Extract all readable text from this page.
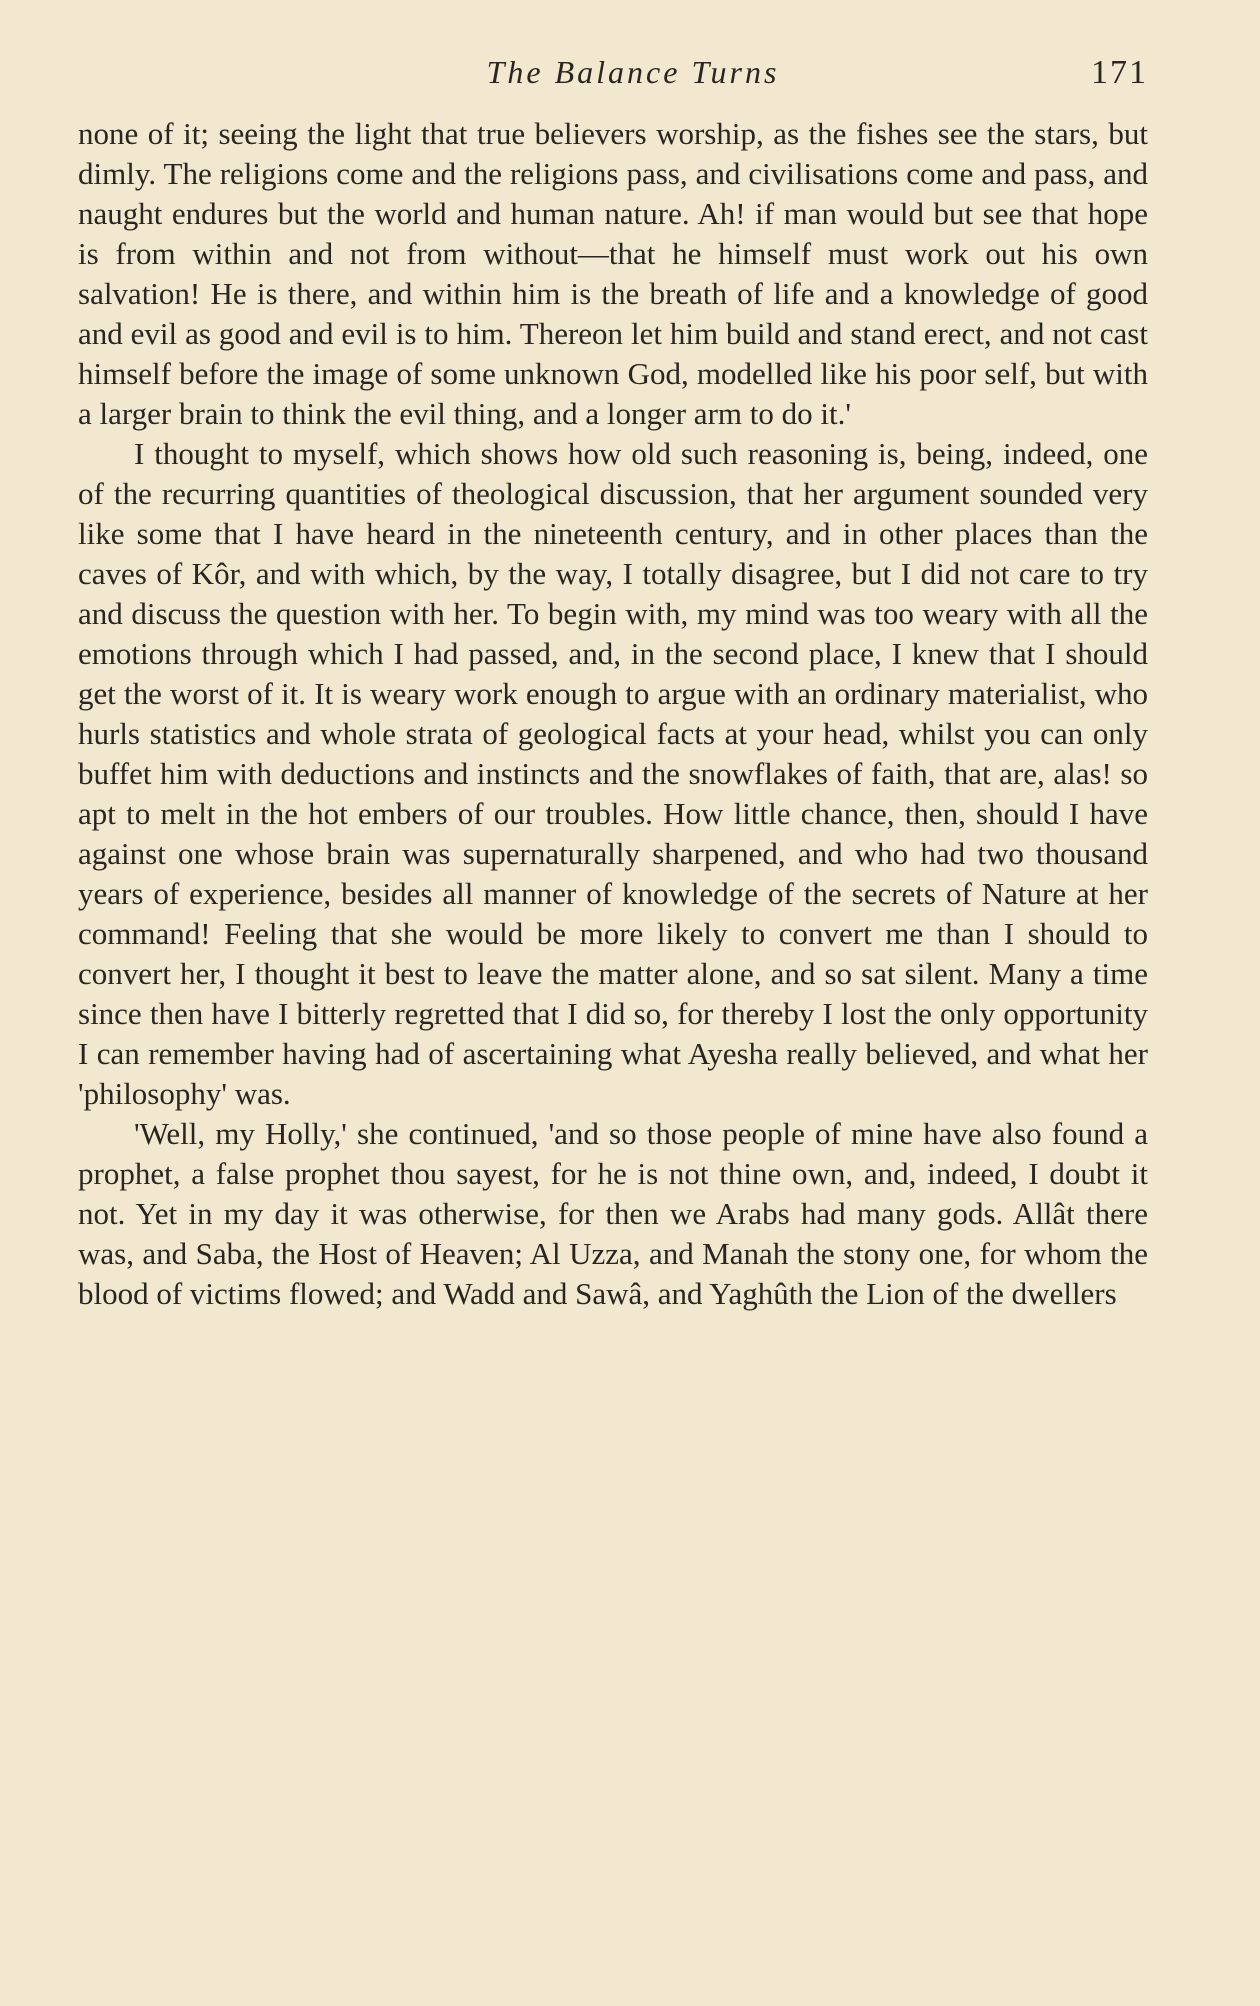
The Balance Turns	171

none of it; seeing the light that true believers worship, as the fishes see the stars, but dimly. The religions come and the religions pass, and civilisations come and pass, and naught endures but the world and human nature. Ah! if man would but see that hope is from within and not from without—that he himself must work out his own salvation! He is there, and within him is the breath of life and a knowledge of good and evil as good and evil is to him. Thereon let him build and stand erect, and not cast himself before the image of some unknown God, modelled like his poor self, but with a larger brain to think the evil thing, and a longer arm to do it.'

I thought to myself, which shows how old such reasoning is, being, indeed, one of the recurring quantities of theological discussion, that her argument sounded very like some that I have heard in the nineteenth century, and in other places than the caves of Kôr, and with which, by the way, I totally disagree, but I did not care to try and discuss the question with her. To begin with, my mind was too weary with all the emotions through which I had passed, and, in the second place, I knew that I should get the worst of it. It is weary work enough to argue with an ordinary materialist, who hurls statistics and whole strata of geological facts at your head, whilst you can only buffet him with deductions and instincts and the snowflakes of faith, that are, alas! so apt to melt in the hot embers of our troubles. How little chance, then, should I have against one whose brain was supernaturally sharpened, and who had two thousand years of experience, besides all manner of knowledge of the secrets of Nature at her command! Feeling that she would be more likely to convert me than I should to convert her, I thought it best to leave the matter alone, and so sat silent. Many a time since then have I bitterly regretted that I did so, for thereby I lost the only opportunity I can remember having had of ascertaining what Ayesha really believed, and what her 'philosophy' was.

'Well, my Holly,' she continued, 'and so those people of mine have also found a prophet, a false prophet thou sayest, for he is not thine own, and, indeed, I doubt it not. Yet in my day it was otherwise, for then we Arabs had many gods. Allât there was, and Saba, the Host of Heaven; Al Uzza, and Manah the stony one, for whom the blood of victims flowed; and Wadd and Sawâ, and Yaghûth the Lion of the dwellers
